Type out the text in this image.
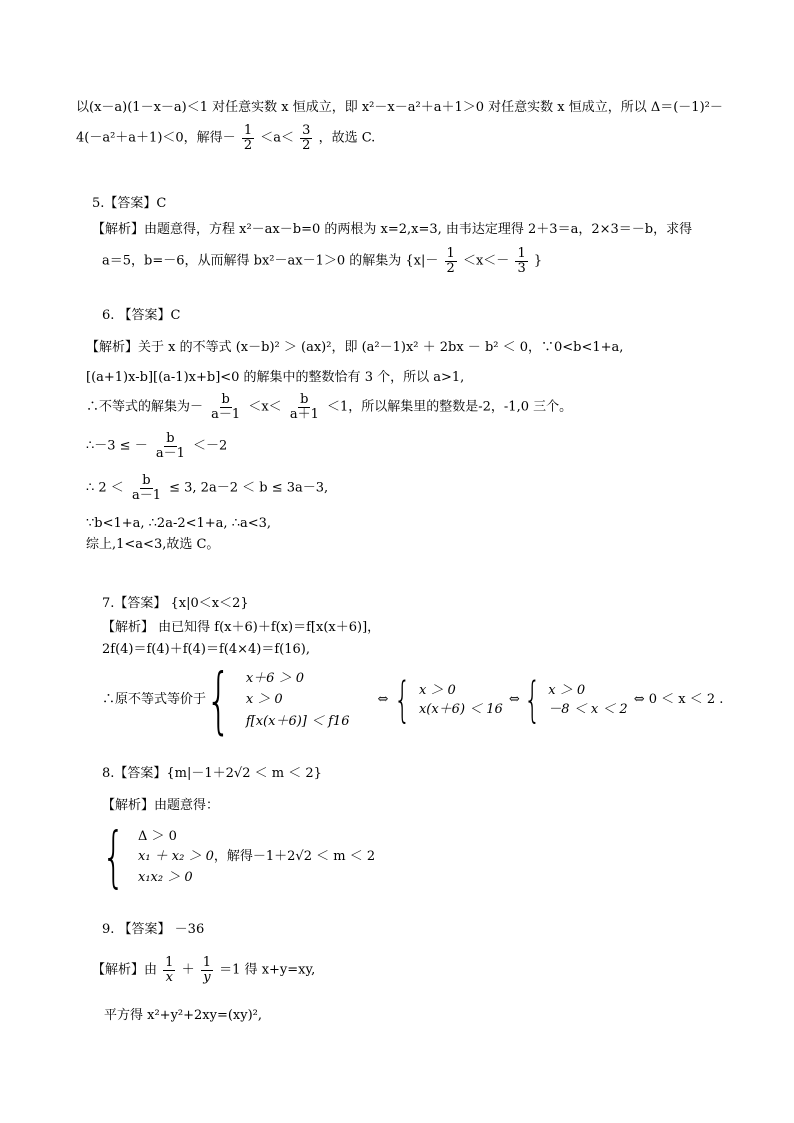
以(x－a)(1－x－a)＜1 对任意实数 x 恒成立，即 x²－x－a²＋a＋1＞0 对任意实数 x 恒成立，所以 Δ＝(－1)²－
4(－a²＋a＋1)＜0，解得－ $\frac{1}{2} <a< \frac{3}{2}$ ，故选 C.
5.【答案】C
【解析】由题意得，方程 x²－ax－b=0 的两根为 x=2,x=3, 由韦达定理得 2＋3＝a，2×3＝－b，求得
a＝5，b=－6，从而解得 bx²－ax－1＞0 的解集为 {$x|- \frac{1}{2} <x<- \frac{1}{3}$ }
6. 【答案】C
【解析】关于 x 的不等式 (x－b)² ＞ (ax)²，即 (a²－1)x² ＋ 2bx － b² ＜ 0，∵0<b<1+a,
[(a+1)x-b][(a-1)x+b]<0 的解集中的整数恰有 3 个，所以 a>1,
∴不等式的解集为－ $\frac{b}{a-1} <x< \frac{b}{a+1} <1$，所以解集里的整数是-2，-1,0 三个。
∴－3 ≤ － $\frac{b}{a-1} <-2$
∴ $2 < \frac{b}{a-1} \le 3$, 2a－2 ＜ b ≤ 3a－3,
∵b<1+a, ∴2a-2<1+a, ∴a<3,
综上,1<a<3,故选 C。
7.【答案】 {x|0＜x＜2}
【解析】 由已知得 f(x＋6)＋f(x)＝f[x(x＋6)]，
2f(4)＝f(4)＋f(4)＝f(4×4)＝f(16),
∴原不等式等价于 { x＋6 ＞ 0
x ＞ 0
f[x(x＋6)] ＜ f16
⇔ { x ＞ 0
x(x＋6) ＜ 16
⇔ { x ＞ 0
－8 ＜ x ＜ 2
⇔ 0 ＜ x ＜ 2 .
8.【答案】{m|－1＋2√2 ＜ m ＜ 2}
【解析】由题意得：
{ Δ ＞ 0
x₁ ＋ x₂ ＞ 0
x₁x₂ ＞ 0
，解得－1＋2√2 ＜ m ＜ 2
9. 【答案】 －36
【解析】由 $\frac{1}{x} + \frac{1}{y} =1$ 得 x+y=xy,
平方得 x²+y²+2xy=(xy)²,
